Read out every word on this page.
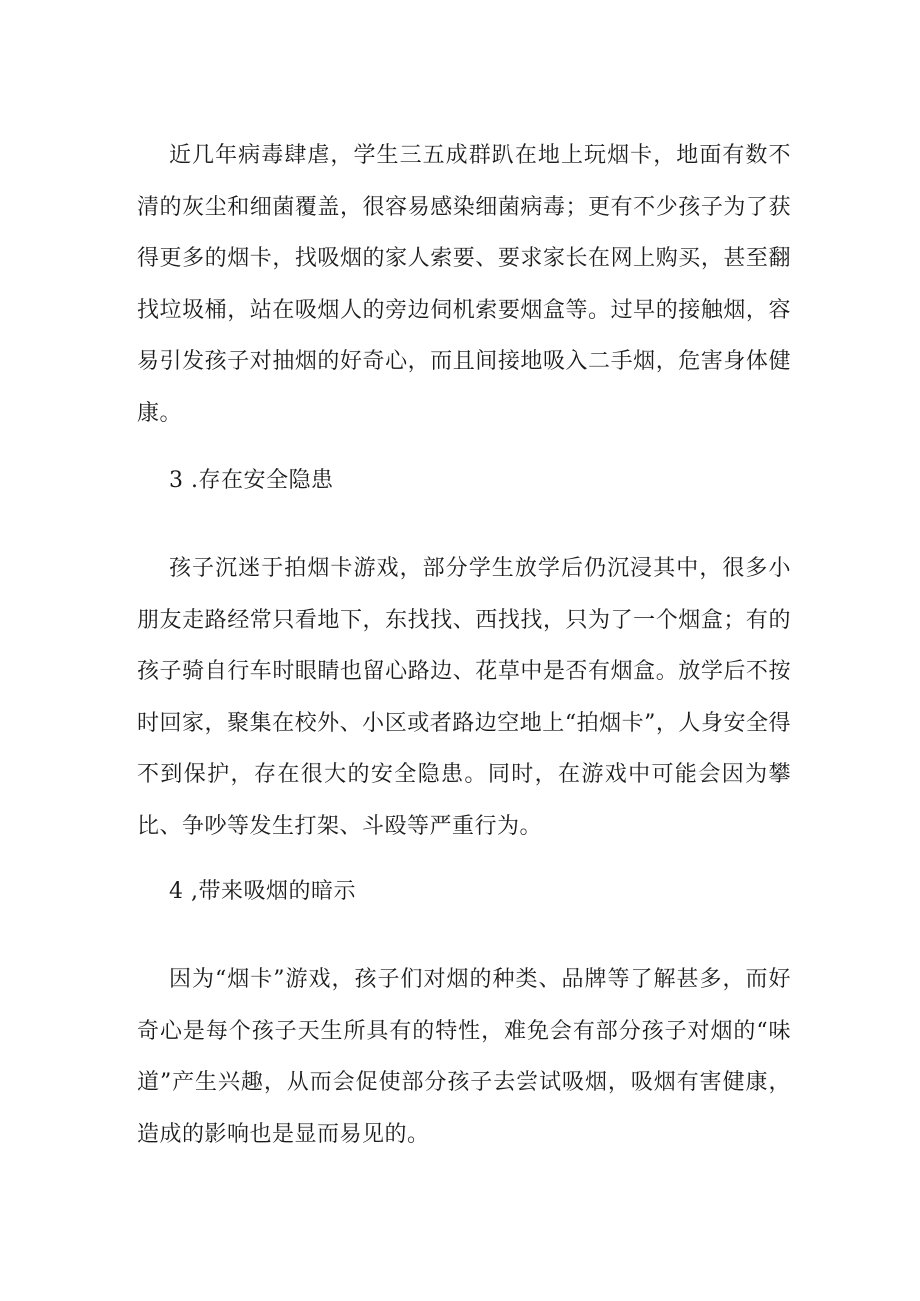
近几年病毒肆虐，学生三五成群趴在地上玩烟卡，地面有数不清的灰尘和细菌覆盖，很容易感染细菌病毒；更有不少孩子为了获得更多的烟卡，找吸烟的家人索要、要求家长在网上购买，甚至翻找垃圾桶，站在吸烟人的旁边伺机索要烟盒等。过早的接触烟，容易引发孩子对抽烟的好奇心，而且间接地吸入二手烟，危害身体健康。

3 .存在安全隐患

孩子沉迷于拍烟卡游戏，部分学生放学后仍沉浸其中，很多小朋友走路经常只看地下，东找找、西找找，只为了一个烟盒；有的孩子骑自行车时眼睛也留心路边、花草中是否有烟盒。放学后不按时回家，聚集在校外、小区或者路边空地上“拍烟卡”，人身安全得不到保护，存在很大的安全隐患。同时，在游戏中可能会因为攀比、争吵等发生打架、斗殴等严重行为。

4 ,带来吸烟的暗示

因为“烟卡”游戏，孩子们对烟的种类、品牌等了解甚多，而好奇心是每个孩子天生所具有的特性，难免会有部分孩子对烟的“味道”产生兴趣，从而会促使部分孩子去尝试吸烟，吸烟有害健康，造成的影响也是显而易见的。
